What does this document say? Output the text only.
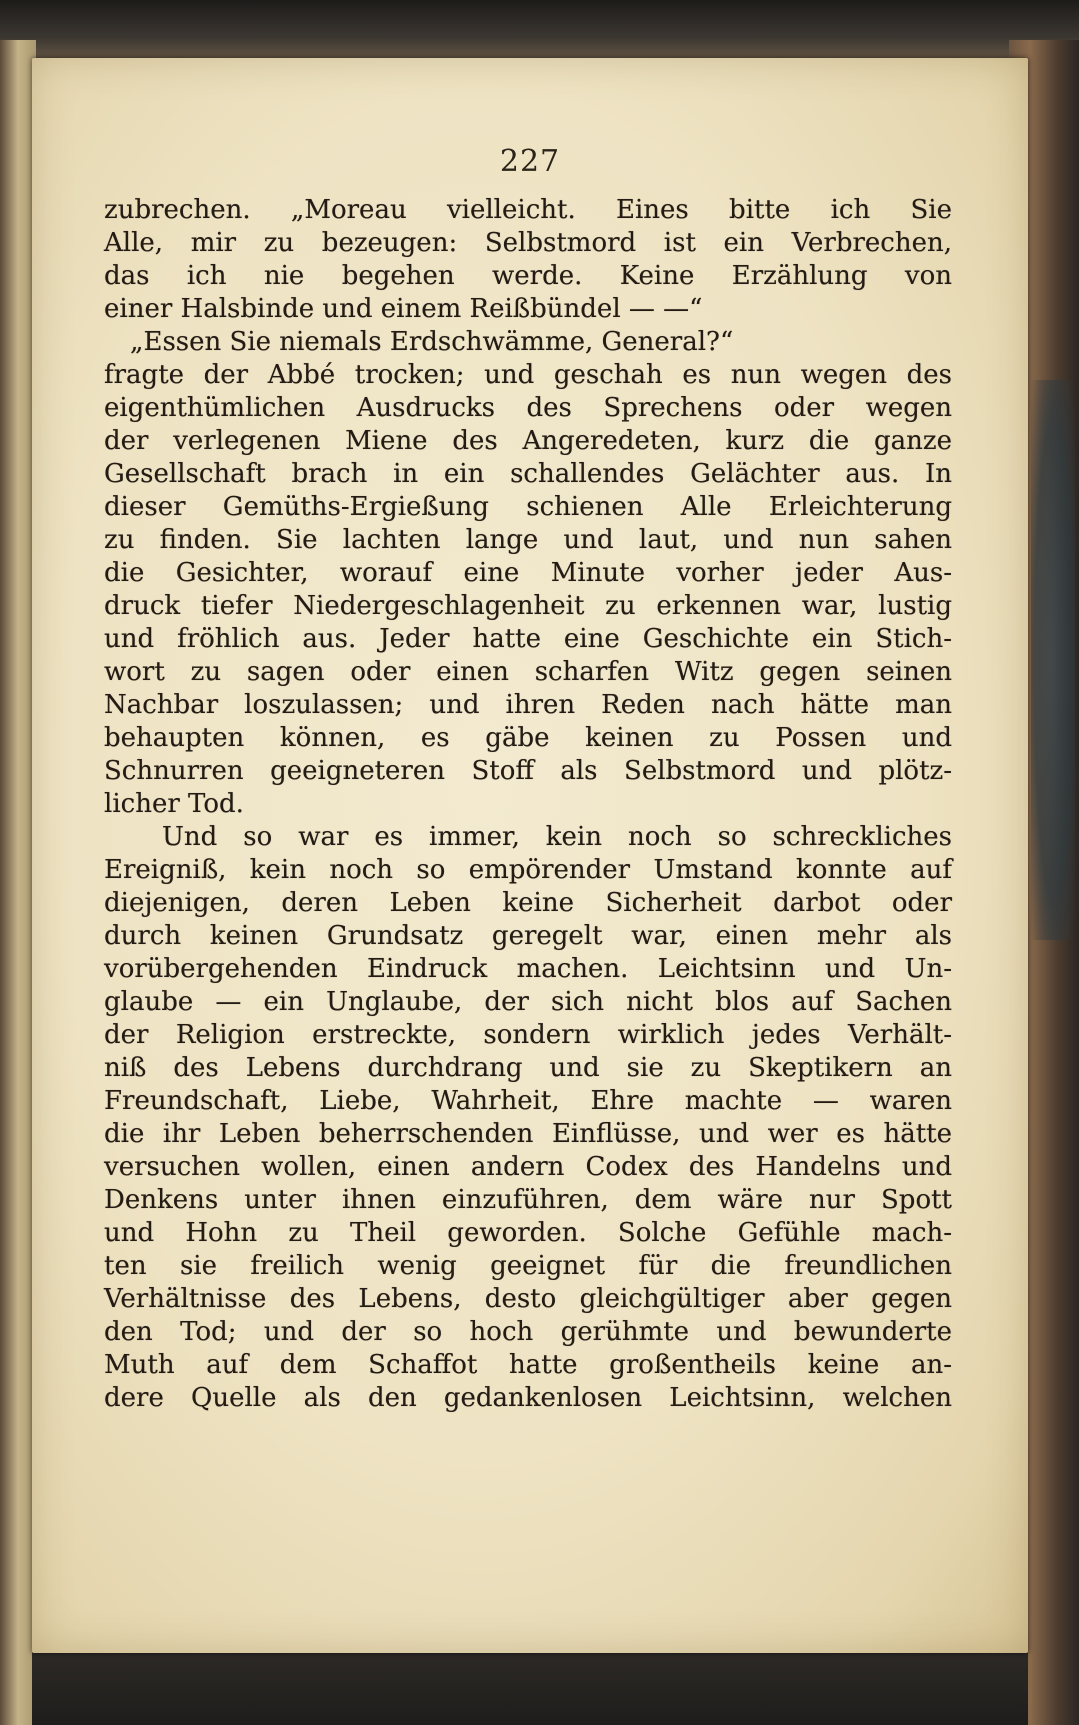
227
zubrechen. „Moreau vielleicht. Eines bitte ich Sie
Alle, mir zu bezeugen: Selbstmord ist ein Verbrechen,
das ich nie begehen werde. Keine Erzählung von
einer Halsbinde und einem Reißbündel — —“
„Essen Sie niemals Erdschwämme, General?“
fragte der Abbé trocken; und geschah es nun wegen des
eigenthümlichen Ausdrucks des Sprechens oder wegen
der verlegenen Miene des Angeredeten, kurz die ganze
Gesellschaft brach in ein schallendes Gelächter aus. In
dieser Gemüths-Ergießung schienen Alle Erleichterung
zu finden. Sie lachten lange und laut, und nun sahen
die Gesichter, worauf eine Minute vorher jeder Aus-
druck tiefer Niedergeschlagenheit zu erkennen war, lustig
und fröhlich aus. Jeder hatte eine Geschichte ein Stich-
wort zu sagen oder einen scharfen Witz gegen seinen
Nachbar loszulassen; und ihren Reden nach hätte man
behaupten können, es gäbe keinen zu Possen und
Schnurren geeigneteren Stoff als Selbstmord und plötz-
licher Tod.
Und so war es immer, kein noch so schreckliches
Ereigniß, kein noch so empörender Umstand konnte auf
diejenigen, deren Leben keine Sicherheit darbot oder
durch keinen Grundsatz geregelt war, einen mehr als
vorübergehenden Eindruck machen. Leichtsinn und Un-
glaube — ein Unglaube, der sich nicht blos auf Sachen
der Religion erstreckte, sondern wirklich jedes Verhält-
niß des Lebens durchdrang und sie zu Skeptikern an
Freundschaft, Liebe, Wahrheit, Ehre machte — waren
die ihr Leben beherrschenden Einflüsse, und wer es hätte
versuchen wollen, einen andern Codex des Handelns und
Denkens unter ihnen einzuführen, dem wäre nur Spott
und Hohn zu Theil geworden. Solche Gefühle mach-
ten sie freilich wenig geeignet für die freundlichen
Verhältnisse des Lebens, desto gleichgültiger aber gegen
den Tod; und der so hoch gerühmte und bewunderte
Muth auf dem Schaffot hatte großentheils keine an-
dere Quelle als den gedankenlosen Leichtsinn, welchen
